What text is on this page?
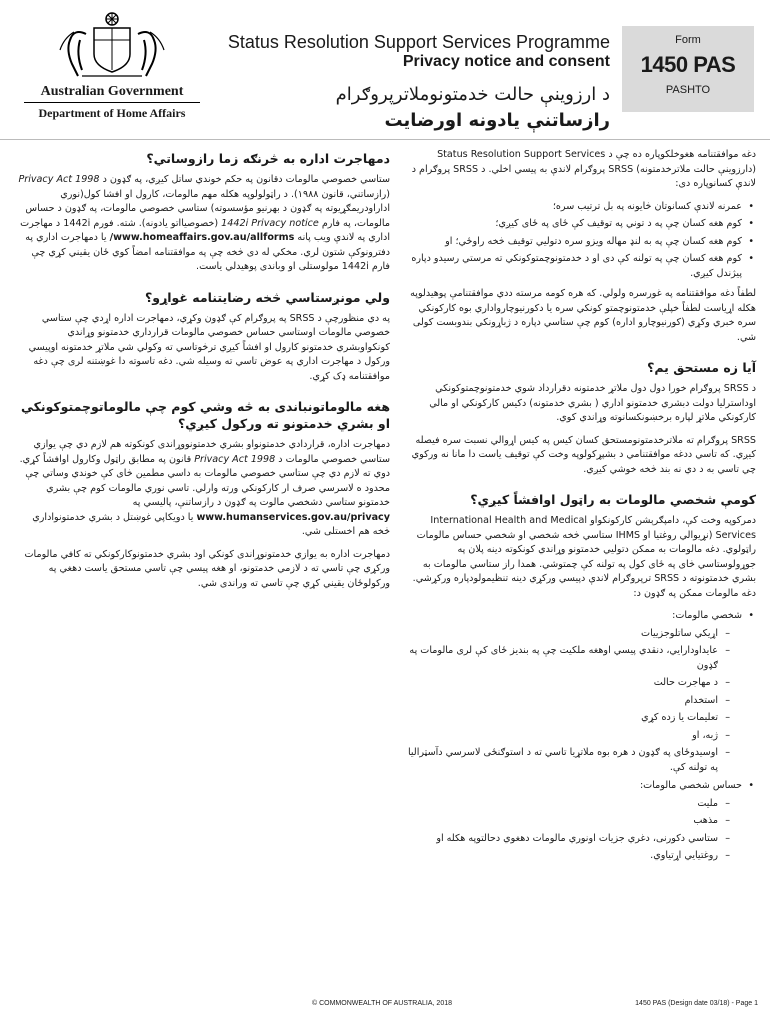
Australian Government
Department of Home Affairs
Status Resolution Support Services Programme
Privacy notice and consent
د ارزوينې حالت خدمتونوملاترپروګرام
رازساتنې يادونه اورضايت
Form
1450 PAS
PASHTO

دغه موافقتنامه هغوخلکوپاره ده چې د Status Resolution Support Services (دارزوينې حالت ملاترخدمتونه) SRSS پروګرام لاندې به پيسي اخلي. د SRSS پروګرام د لاندې کسانوپاره دی:

• عمرنه لاندې کسانوتان څايونه په بل ترتيب سره؛
• کوم هغه کسان چې په د توني په توقيف کې ځای په ځای کيږي؛
• کوم هغه کسان چې په به لنډ مهاله ويزو سره دتوليي توقيف څخه راوځي؛ او
• کوم هغه کسان چې په تولنه کې دی او د خدمتونوچمتوکونکي ته مرستي رسيدو دپاره پيژندل کيږي.

لطفاً دغه موافقتنامه په غورسره ولولي. که هره کومه مرسته ددي موافقتنامې پوهيدلوپه هکله اړياست لطفاً خپلې خدمتونوچمتو کونکي سره يا دکورنيوچارواداري بوه کارکونکي سره خبري وکړي (کورنيوچارو اداره) کوم چې ستاسي دپاره د ژباړونکي بندوبست کولی شي.

آيا زه مستحق يم؟

د SRSS پروګرام خورا دول دول ملاتړ خدمتونه دقرارداد شوي خدمتونوچمتوکونکي اوداسترليا دولت دبشري خدمتونو اداري ( بشري خدمتونه) دکيس کارکونکي او مالي کارکونکي ملاتړ لپاره برخښونکسانوته وړاندي کوي.

SRSS پروګرام ته ملاترخدمتونومستحق کسان کيس په کيس اړوالي نسبت سره فيصله کيږي. که تاسي ددغه موافقتنامي د بشپړکولوپه وخت کې توقيف ياست دا مانا نه ورکوي چي تاسي به د دي نه بند څخه خوشي کيږي.

کومې شخصي مالومات به راټول اوافشاً کيږي؟

دمرکوپه وخت کې، دامپګرېشن کارکونکواو International Health and Medical Services (نړيوالي روغتيا او IHMS ستاسي څخه شخصي او شخصي حساس مالومات راټولوي. دغه مالومات به ممکن دتوليي خدمتونو وړاندي کونکوته دينه پلان په جوړولوستاسي څای په ځای کول په تولنه کې چمتوشي. همدا راز ستاسي مالومات به بشري خدمتونوته د SRSS ترپروګرام لاندې دپيسي ورکړي دينه تنظيمولودپاره ورکړشي. دغه مالومات ممکن په ګډون د:

• شخصي مالومات:
– اړيکي ساتلوجزييات
– عايداودارايي، دنقدي پيسي اوهغه ملکيت چې په بنديز ځای کې لری مالومات په ګډون
– د مهاجرت حالت
– استخدام
– تعليمات يا زده کړي
– ژبه، او
– اوسيدوځای په ګډون د هره بوه ملاتړيا تاسي ته د استوګنځی لاسرسي دآسټراليا په تولنه کې.
• حساس شخصي مالومات:
– مليت
– مذهب
– ستاسي دکورنی، دغري جزيات اونوري مالومات دهغوي دحالتوپه هکله او
– روغتيايي اړتياوي.
دمهاجرت اداره به څرنګه زما رازوساتي؟

ستاسي خصوصي مالومات دقانون په حکم خوندي ساتل کيږي، په ګډون د Privacy Act 1998 (رازساتني، قانون ۱۹۸۸). د راټولولوپه هکله مهم مالومات، کارول او افشا کول(نوري اداراودريمګړيوته په ګډون د بهرنيو مؤسسوته) ستاسي خصوصي مالومات، په ګډون د حساس مالومات، په فارم 1442i Privacy notice (خصوصيااتو يادونه). شته. فورم 1442i د مهاجرت اداري په لاندې ويب پانه www.homeaffairs.gov.au/allforms/ يا دمهاجرت اداري په دفترونوکې شتون لري. مخکي له دی څخه چې په موافقتنامه امضاً کوي ځان يقيني کړي چې فارم 1442i مولوستلی او وباندی پوهيدلي ياست.

ولي مونږستاسي څخه رضايتنامه غواړو؟

په دي منظورچې د SRSS په پروګرام کې ګډون وکړي، دمهاجرت اداره اړدي چې ستاسي خصوصي مالومات اوستاسي حساس خصوصي مالومات قرارداري خدمتونو وړاندي کونکواوبشري خدمتونو کارول او افشاً کيږي ترڅوتاسي ته وکولي شي ملاتړ خدمتونه اوپيسي ورکول د مهاجرت اداري په عوض تاسي ته وسيله شي. دغه تاسوته دا غوښتنه لری چې دغه موافقتنامه ډک کړي.

هغه مالوماتونباندی به څه وشي کوم چې مالوماتوچمتوکونکي او بشري خدمتونو ته ورکول کيږي؟

دمهاجرت اداره، قراردادي خدمتونواو بشري خدمتونووړاندی کونکوته هم لازم دي چې يوازي ستاسي خصوصي مالومات د Privacy Act 1998 قانون په مطابق راټول وکارول اوافشاً کړي. دوي ته لازم دي چې ستاسي خصوصي مالومات به داسي مطمين څای کې خوندي وساتي چې محدود ه لاسرسي صرف ار کارکونکي ورته وارلي. تاسي نوري مالومات کوم چې بشري خدمتونو ستاسي دشخصي مالوت په ګډون د رازساتنې، پاليسي په www.humanservices.gov.au/privacy يا دويکاپي غوښتل د بشري خدمتونواداري څخه هم اخستلی شي.

دمهاجرت اداره به يوازي خدمتونوړاندی کونکي اود بشري خدمتونوکارکونکي ته کافي مالومات ورکړي چې تاسي ته د لازمي خدمتونو، او هغه پيسي چې تاسي مستحق ياست دهغي په ورکولوځان يقيني کړي چې تاسي ته وراندی شي.

© COMMONWEALTH OF AUSTRALIA, 2018	1450 PAS (Design date 03/18) - Page 1
